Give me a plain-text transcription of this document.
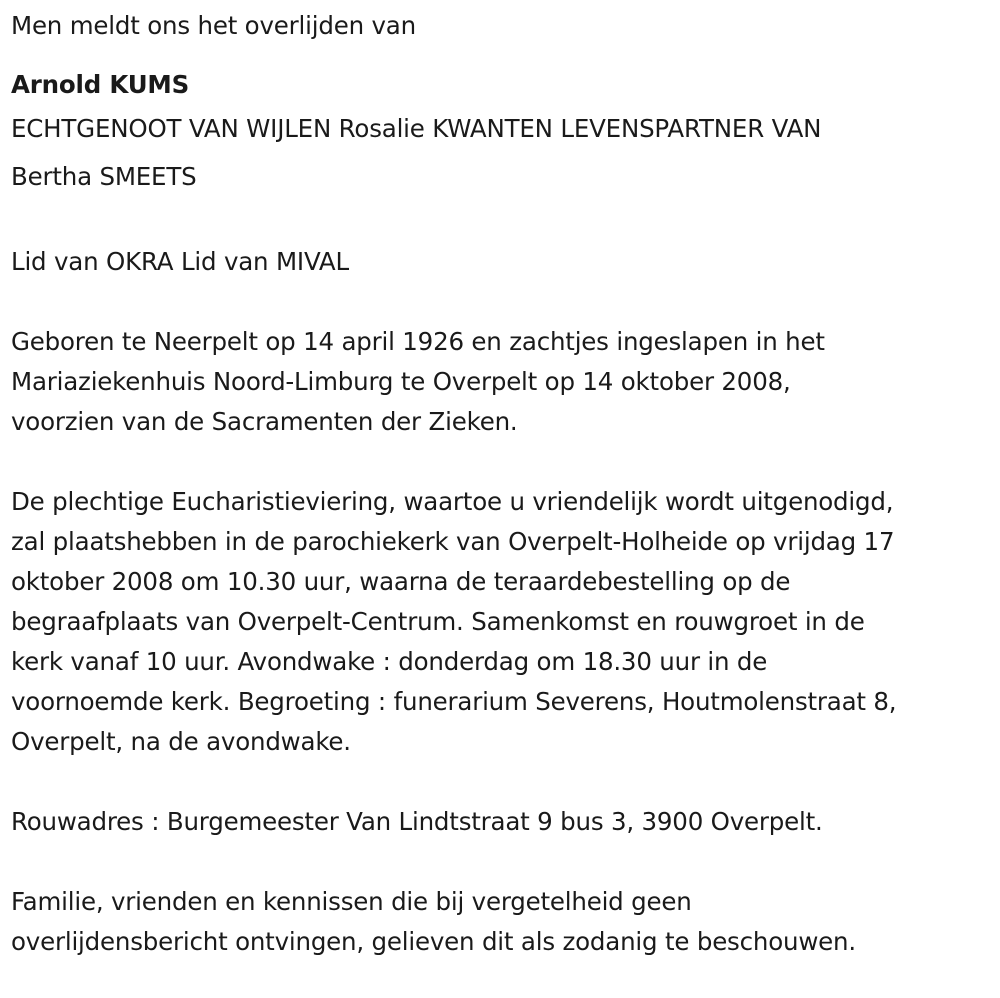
Men meldt ons het overlijden van
Arnold KUMS
ECHTGENOOT VAN WIJLEN Rosalie KWANTEN LEVENSPARTNER VAN
Bertha SMEETS
Lid van OKRA Lid van MIVAL
Geboren te Neerpelt op 14 april 1926 en zachtjes ingeslapen in het
Mariaziekenhuis Noord-Limburg te Overpelt op 14 oktober 2008,
voorzien van de Sacramenten der Zieken.
De plechtige Eucharistieviering, waartoe u vriendelijk wordt uitgenodigd,
zal plaatshebben in de parochiekerk van Overpelt-Holheide op vrijdag 17
oktober 2008 om 10.30 uur, waarna de teraardebestelling op de
begraafplaats van Overpelt-Centrum. Samenkomst en rouwgroet in de
kerk vanaf 10 uur. Avondwake : donderdag om 18.30 uur in de
voornoemde kerk. Begroeting : funerarium Severens, Houtmolenstraat 8,
Overpelt, na de avondwake.
Rouwadres : Burgemeester Van Lindtstraat 9 bus 3, 3900 Overpelt.
Familie, vrienden en kennissen die bij vergetelheid geen
overlijdensbericht ontvingen, gelieven dit als zodanig te beschouwen.
